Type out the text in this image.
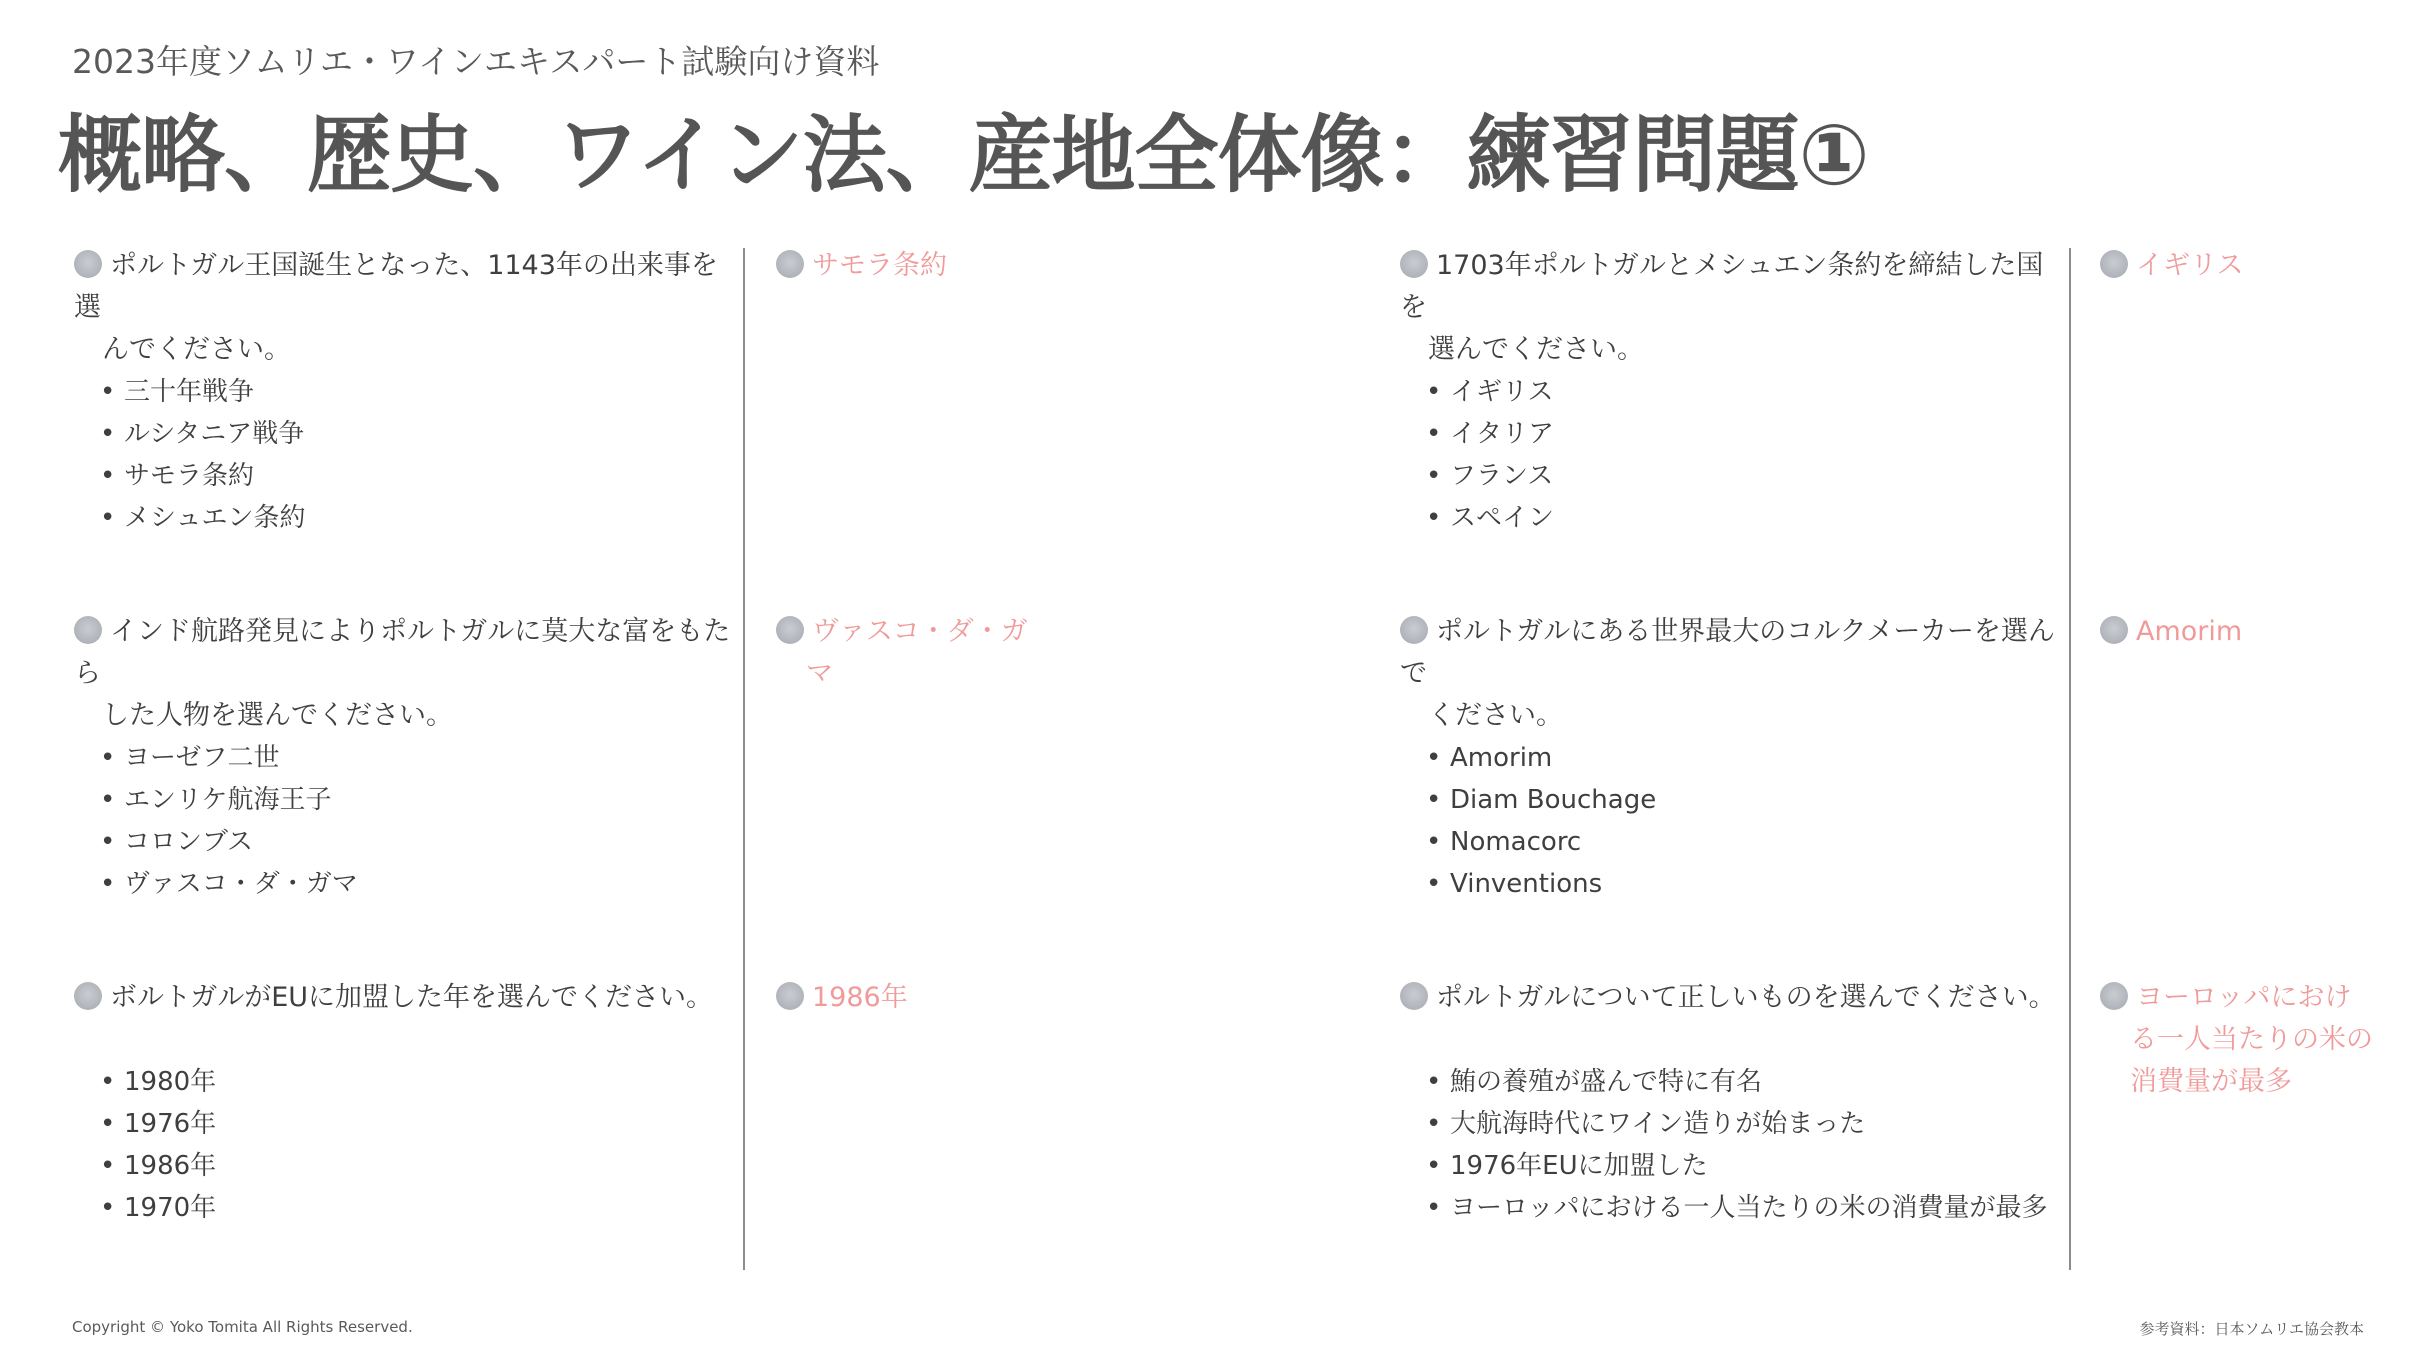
2023年度ソムリエ・ワインエキスパート試験向け資料
概略、歴史、ワイン法、産地全体像：練習問題①
ポルトガル王国誕生となった、1143年の出来事を選
んでください。
• 三十年戦争
• ルシタニア戦争
• サモラ条約
• メシュエン条約
サモラ条約
インド航路発見によりポルトガルに莫大な富をもたら
した人物を選んでください。
• ヨーゼフ二世
• エンリケ航海王子
• コロンブス
• ヴァスコ・ダ・ガマ
ヴァスコ・ダ・ガ
マ
ボルトガルがEUに加盟した年を選んでください。
• 1980年
• 1976年
• 1986年
• 1970年
1986年
1703年ポルトガルとメシュエン条約を締結した国を
選んでください。
• イギリス
• イタリア
• フランス
• スペイン
イギリス
ポルトガルにある世界最大のコルクメーカーを選んで
ください。
• Amorim
• Diam Bouchage
• Nomacorc
• Vinventions
Amorim
ポルトガルについて正しいものを選んでください。
• 鮪の養殖が盛んで特に有名
• 大航海時代にワイン造りが始まった
• 1976年EUに加盟した
• ヨーロッパにおける一人当たりの米の消費量が最多
ヨーロッパにおけ
る一人当たりの米の
消費量が最多
Copyright © Yoko Tomita All Rights Reserved.	参考資料：日本ソムリエ協会教本
